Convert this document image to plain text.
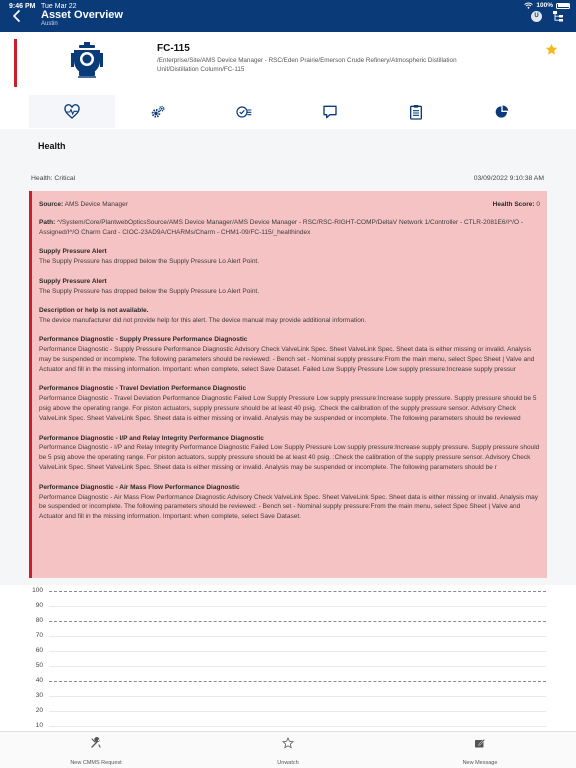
9:46 PM Tue Mar 22
Asset Overview
Austin
100%
U
FC-115
/Enterprise/Site/AMS Device Manager - RSC/Eden Prairie/Emerson Crude Refinery/Atmospheric Distillation Unit/Distillation Column/FC-115
Health
Health: Critical	03/09/2022 9:10:38 AM
Source: AMS Device Manager	Health Score: 0
Path: ^/System/Core/PlantwebOpticsSource/AMS Device Manager/AMS Device Manager - RSC/RSC-RIGHT-COMP/DeltaV Network 1/Controller - CTLR-2081E6/I^/O - Assigned/I^/O Charm Card - CIOC-23AD9A/CHARMs/Charm - CHM1-09/FC-115/_healthindex
Supply Pressure Alert
The Supply Pressure has dropped below the Supply Pressure Lo Alert Point.
Supply Pressure Alert
The Supply Pressure has dropped below the Supply Pressure Lo Alert Point.
Description or help is not available.
The device manufacturer did not provide help for this alert. The device manual may provide additional information.
Performance Diagnostic - Supply Pressure Performance Diagnostic
Performance Diagnostic - Supply Pressure Performance Diagnostic Advisory Check ValveLink Spec. Sheet ValveLink Spec. Sheet data is either missing or invalid. Analysis may be suspended or incomplete. The following parameters should be reviewed: - Bench set - Nominal supply pressure:From the main menu, select Spec Sheet | Valve and Actuator and fill in the missing information. Important: when complete, select Save Dataset. Failed Low Supply Pressure Low supply pressure:Increase supply pressur
Performance Diagnostic - Travel Deviation Performance Diagnostic
Performance Diagnostic - Travel Deviation Performance Diagnostic Failed Low Supply Pressure Low supply pressure:Increase supply pressure. Supply pressure should be 5 psig above the operating range. For piston actuators, supply pressure should be at least 40 psig. :Check the calibration of the supply pressure sensor. Advisory Check ValveLink Spec. Sheet ValveLink Spec. Sheet data is either missing or invalid. Analysis may be suspended or incomplete. The following parameters should be reviewed
Performance Diagnostic - I/P and Relay Integrity Performance Diagnostic
Performance Diagnostic - I/P and Relay Integrity Performance Diagnostic Failed Low Supply Pressure Low supply pressure:Increase supply pressure. Supply pressure should be 5 psig above the operating range. For piston actuators, supply pressure should be at least 40 psig. :Check the calibration of the supply pressure sensor. Advisory Check ValveLink Spec. Sheet ValveLink Spec. Sheet data is either missing or invalid. Analysis may be suspended or incomplete. The following parameters should be r
Performance Diagnostic - Air Mass Flow Performance Diagnostic
Performance Diagnostic - Air Mass Flow Performance Diagnostic Advisory Check ValveLink Spec. Sheet ValveLink Spec. Sheet data is either missing or invalid. Analysis may be suspended or incomplete. The following parameters should be reviewed: - Bench set - Nominal supply pressure:From the main menu, select Spec Sheet | Valve and Actuator and fill in the missing information. Important: when complete, select Save Dataset.
100
90
80
70
60
50
40
30
20
10
New CMMS Request	Unwatch	New Message
